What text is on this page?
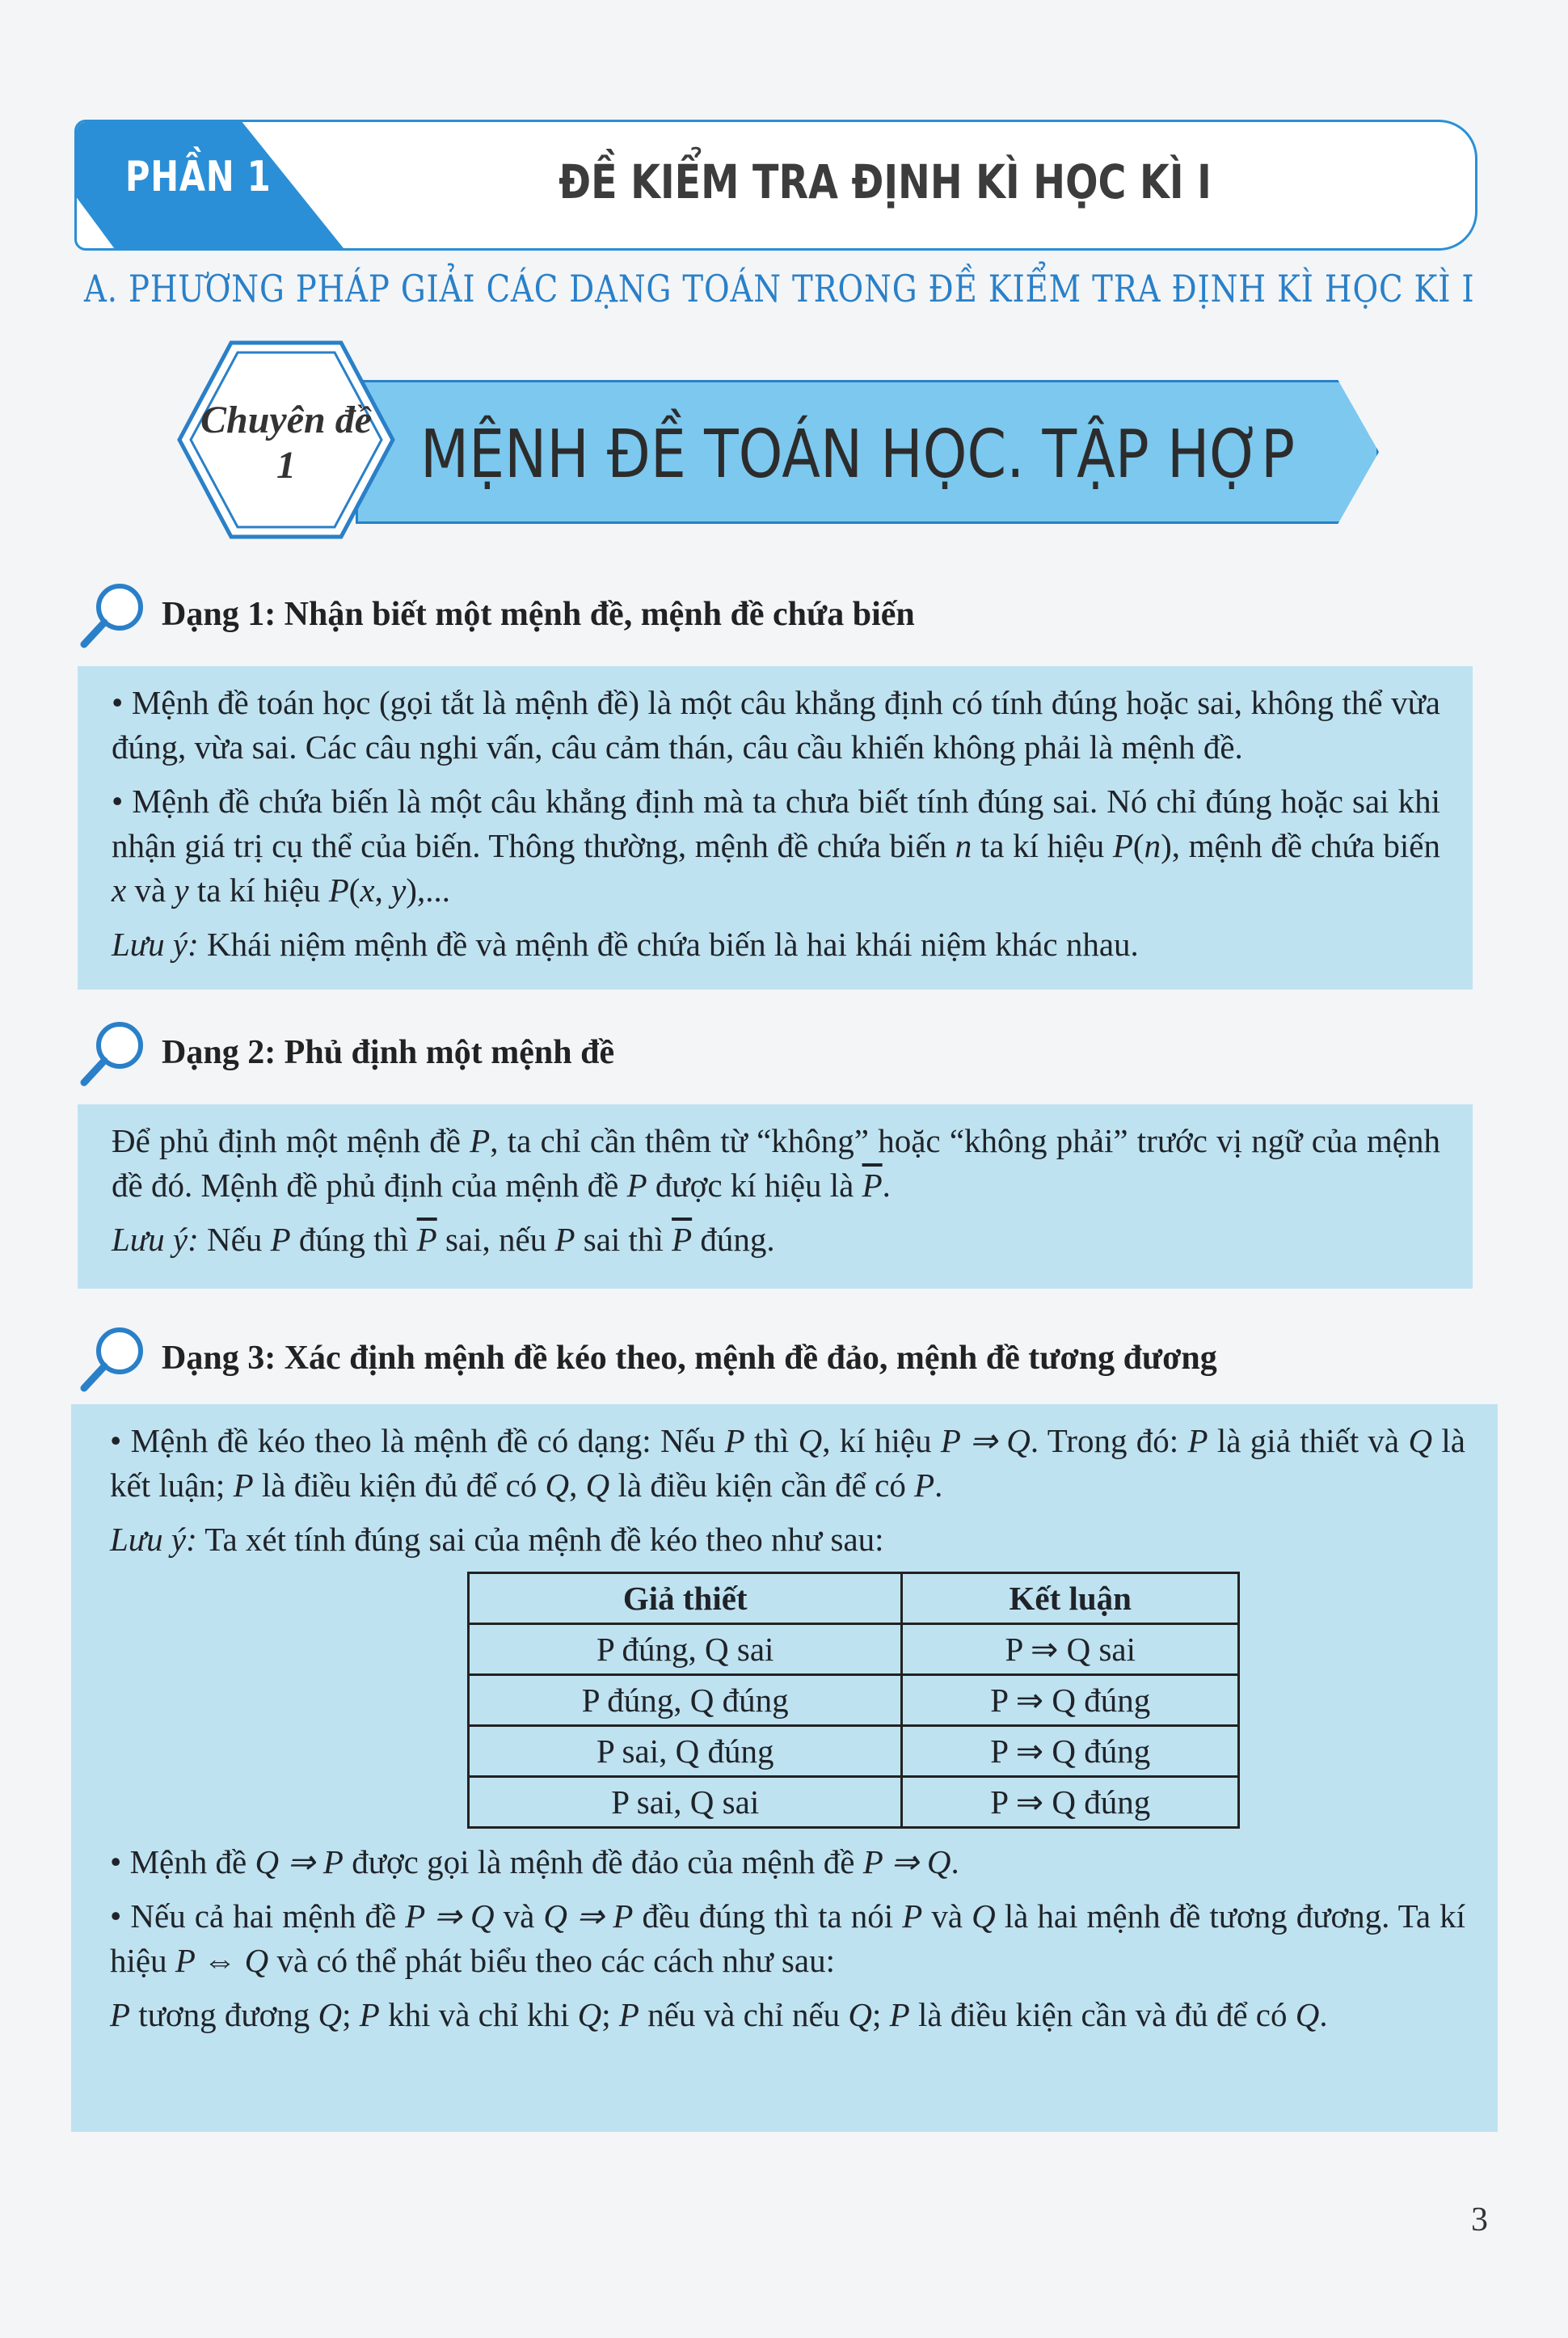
PHẦN 1	ĐỀ KIỂM TRA ĐỊNH KÌ HỌC KÌ I
A. PHƯƠNG PHÁP GIẢI CÁC DẠNG TOÁN TRONG ĐỀ KIỂM TRA ĐỊNH KÌ HỌC KÌ I
MỆNH ĐỀ TOÁN HỌC. TẬP HỢP
Chuyên đề
1
Dạng 1: Nhận biết một mệnh đề, mệnh đề chứa biến

• Mệnh đề toán học (gọi tắt là mệnh đề) là một câu khẳng định có tính đúng hoặc sai, không thể vừa đúng, vừa sai. Các câu nghi vấn, câu cảm thán, câu cầu khiến không phải là mệnh đề.

• Mệnh đề chứa biến là một câu khẳng định mà ta chưa biết tính đúng sai. Nó chỉ đúng hoặc sai khi nhận giá trị cụ thể của biến. Thông thường, mệnh đề chứa biến n ta kí hiệu P(n), mệnh đề chứa biến x và y ta kí hiệu P(x, y),...

Lưu ý: Khái niệm mệnh đề và mệnh đề chứa biến là hai khái niệm khác nhau.

Dạng 2: Phủ định một mệnh đề

Để phủ định một mệnh đề P, ta chỉ cần thêm từ “không” hoặc “không phải” trước vị ngữ của mệnh đề đó. Mệnh đề phủ định của mệnh đề P được kí hiệu là $\overline{P}$.

Lưu ý: Nếu P đúng thì $\overline{P}$ sai, nếu P sai thì $\overline{P}$ đúng.

Dạng 3: Xác định mệnh đề kéo theo, mệnh đề đảo, mệnh đề tương đương

• Mệnh đề kéo theo là mệnh đề có dạng: Nếu P thì Q, kí hiệu P ⇒ Q. Trong đó: P là giả thiết và Q là kết luận; P là điều kiện đủ để có Q, Q là điều kiện cần để có P.

Lưu ý: Ta xét tính đúng sai của mệnh đề kéo theo như sau:

Giả thiết	Kết luận
P đúng, Q sai	P ⇒ Q sai
P đúng, Q đúng	P ⇒ Q đúng
P sai, Q đúng	P ⇒ Q đúng
P sai, Q sai	P ⇒ Q đúng

• Mệnh đề Q ⇒ P được gọi là mệnh đề đảo của mệnh đề P ⇒ Q.

• Nếu cả hai mệnh đề P ⇒ Q và Q ⇒ P đều đúng thì ta nói P và Q là hai mệnh đề tương đương. Ta kí hiệu P ⇔ Q và có thể phát biểu theo các cách như sau:

P tương đương Q; P khi và chỉ khi Q; P nếu và chỉ nếu Q; P là điều kiện cần và đủ để có Q.

3
